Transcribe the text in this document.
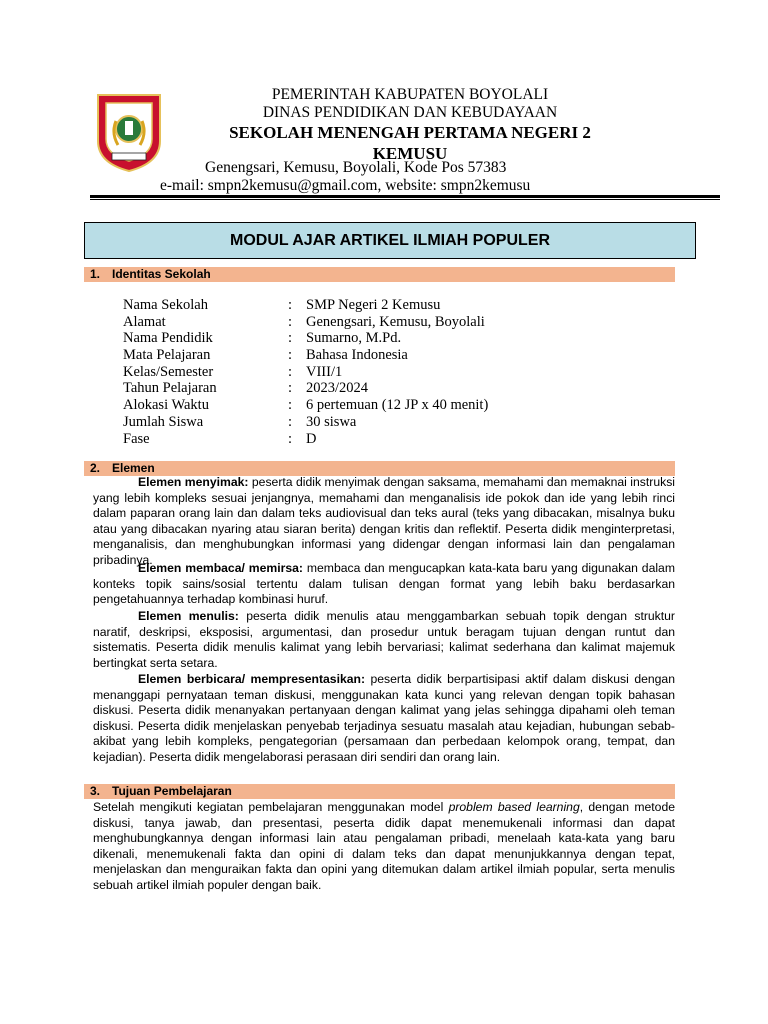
PEMERINTAH KABUPATEN BOYOLALI
DINAS PENDIDIKAN DAN KEBUDAYAAN
SEKOLAH MENENGAH PERTAMA NEGERI 2
KEMUSU
Genengsari, Kemusu, Boyolali, Kode Pos 57383
e-mail: smpn2kemusu@gmail.com, website: smpn2kemusu
MODUL AJAR ARTIKEL ILMIAH POPULER
1. Identitas Sekolah
Nama Sekolah	: SMP Negeri 2 Kemusu
Alamat	: Genengsari, Kemusu, Boyolali
Nama Pendidik	: Sumarno, M.Pd.
Mata Pelajaran	: Bahasa Indonesia
Kelas/Semester	: VIII/1
Tahun Pelajaran	: 2023/2024
Alokasi Waktu	: 6 pertemuan (12 JP x 40 menit)
Jumlah Siswa	: 30 siswa
Fase	: D
2. Elemen
Elemen menyimak: peserta didik menyimak dengan saksama, memahami dan memaknai instruksi yang lebih kompleks sesuai jenjangnya, memahami dan menganalisis ide pokok dan ide yang lebih rinci dalam paparan orang lain dan dalam teks audiovisual dan teks aural (teks yang dibacakan, misalnya buku atau yang dibacakan nyaring atau siaran berita) dengan kritis dan reflektif. Peserta didik menginterpretasi, menganalisis, dan menghubungkan informasi yang didengar dengan informasi lain dan pengalaman pribadinya.
Elemen membaca/ memirsa: membaca dan mengucapkan kata-kata baru yang digunakan dalam konteks topik sains/sosial tertentu dalam tulisan dengan format yang lebih baku berdasarkan pengetahuannya terhadap kombinasi huruf.
Elemen menulis: peserta didik menulis atau menggambarkan sebuah topik dengan struktur naratif, deskripsi, eksposisi, argumentasi, dan prosedur untuk beragam tujuan dengan runtut dan sistematis. Peserta didik menulis kalimat yang lebih bervariasi; kalimat sederhana dan kalimat majemuk bertingkat serta setara.
Elemen berbicara/ mempresentasikan: peserta didik berpartisipasi aktif dalam diskusi dengan menanggapi pernyataan teman diskusi, menggunakan kata kunci yang relevan dengan topik bahasan diskusi. Peserta didik menanyakan pertanyaan dengan kalimat yang jelas sehingga dipahami oleh teman diskusi. Peserta didik menjelaskan penyebab terjadinya sesuatu masalah atau kejadian, hubungan sebab-akibat yang lebih kompleks, pengategorian (persamaan dan perbedaan kelompok orang, tempat, dan kejadian). Peserta didik mengelaborasi perasaan diri sendiri dan orang lain.
3. Tujuan Pembelajaran
Setelah mengikuti kegiatan pembelajaran menggunakan model problem based learning, dengan metode diskusi, tanya jawab, dan presentasi, peserta didik dapat menemukenali informasi dan dapat menghubungkannya dengan informasi lain atau pengalaman pribadi, menelaah kata-kata yang baru dikenali, menemukenali fakta dan opini di dalam teks dan dapat menunjukkannya dengan tepat, menjelaskan dan menguraikan fakta dan opini yang ditemukan dalam artikel ilmiah popular, serta menulis sebuah artikel ilmiah populer dengan baik.
